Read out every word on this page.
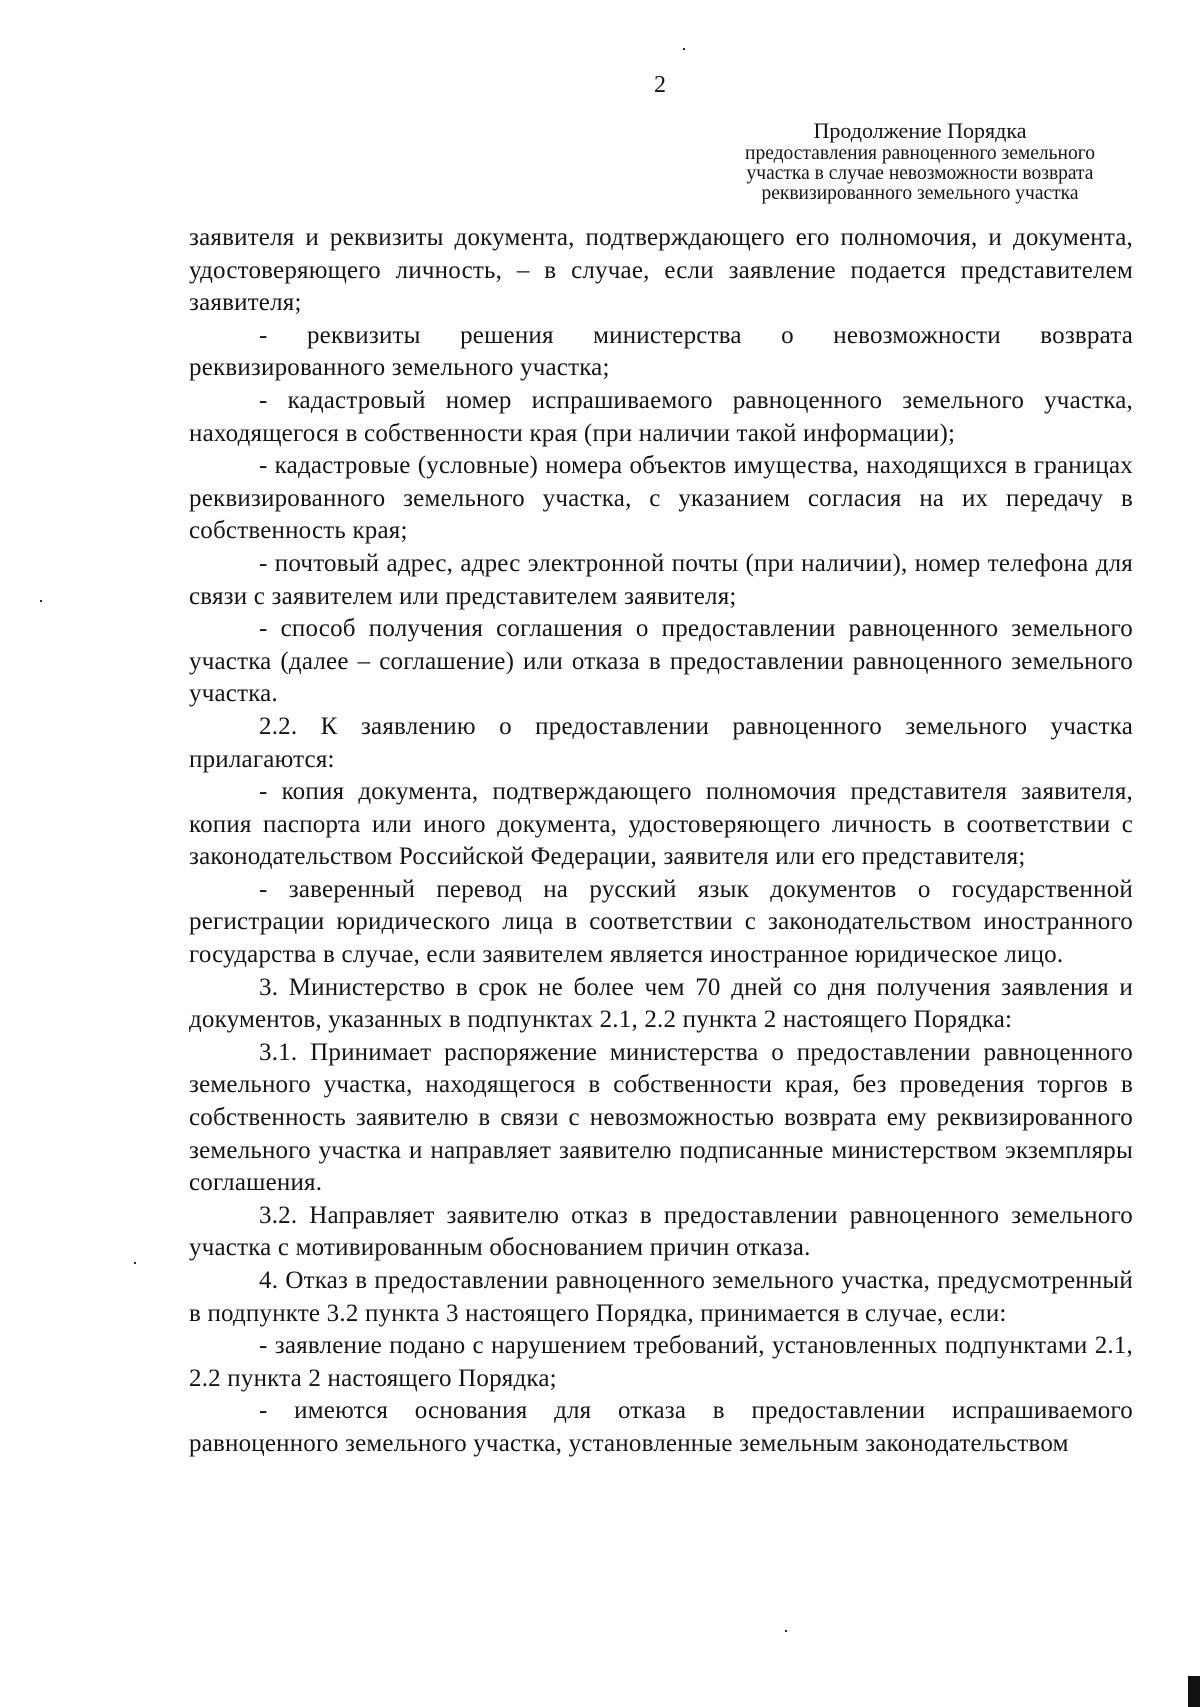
2
Продолжение Порядка
предоставления равноценного земельного
участка в случае невозможности возврата
реквизированного земельного участка

заявителя и реквизиты документа, подтверждающего его полномочия, и документа, удостоверяющего личность, – в случае, если заявление подается представителем заявителя;

- реквизиты решения министерства о невозможности возврата реквизированного земельного участка;

- кадастровый номер испрашиваемого равноценного земельного участка, находящегося в собственности края (при наличии такой информации);

- кадастровые (условные) номера объектов имущества, находящихся в границах реквизированного земельного участка, с указанием согласия на их передачу в собственность края;

- почтовый адрес, адрес электронной почты (при наличии), номер телефона для связи с заявителем или представителем заявителя;

- способ получения соглашения о предоставлении равноценного земельного участка (далее – соглашение) или отказа в предоставлении равноценного земельного участка.

2.2. К заявлению о предоставлении равноценного земельного участка прилагаются:

- копия документа, подтверждающего полномочия представителя заявителя, копия паспорта или иного документа, удостоверяющего личность в соответствии с законодательством Российской Федерации, заявителя или его представителя;

- заверенный перевод на русский язык документов о государственной регистрации юридического лица в соответствии с законодательством иностранного государства в случае, если заявителем является иностранное юридическое лицо.

3. Министерство в срок не более чем 70 дней со дня получения заявления и документов, указанных в подпунктах 2.1, 2.2 пункта 2 настоящего Порядка:

3.1. Принимает распоряжение министерства о предоставлении равноценного земельного участка, находящегося в собственности края, без проведения торгов в собственность заявителю в связи с невозможностью возврата ему реквизированного земельного участка и направляет заявителю подписанные министерством экземпляры соглашения.

3.2. Направляет заявителю отказ в предоставлении равноценного земельного участка с мотивированным обоснованием причин отказа.

4. Отказ в предоставлении равноценного земельного участка, предусмотренный в подпункте 3.2 пункта 3 настоящего Порядка, принимается в случае, если:

- заявление подано с нарушением требований, установленных подпунктами 2.1, 2.2 пункта 2 настоящего Порядка;

- имеются основания для отказа в предоставлении испрашиваемого равноценного земельного участка, установленные земельным законодательством
